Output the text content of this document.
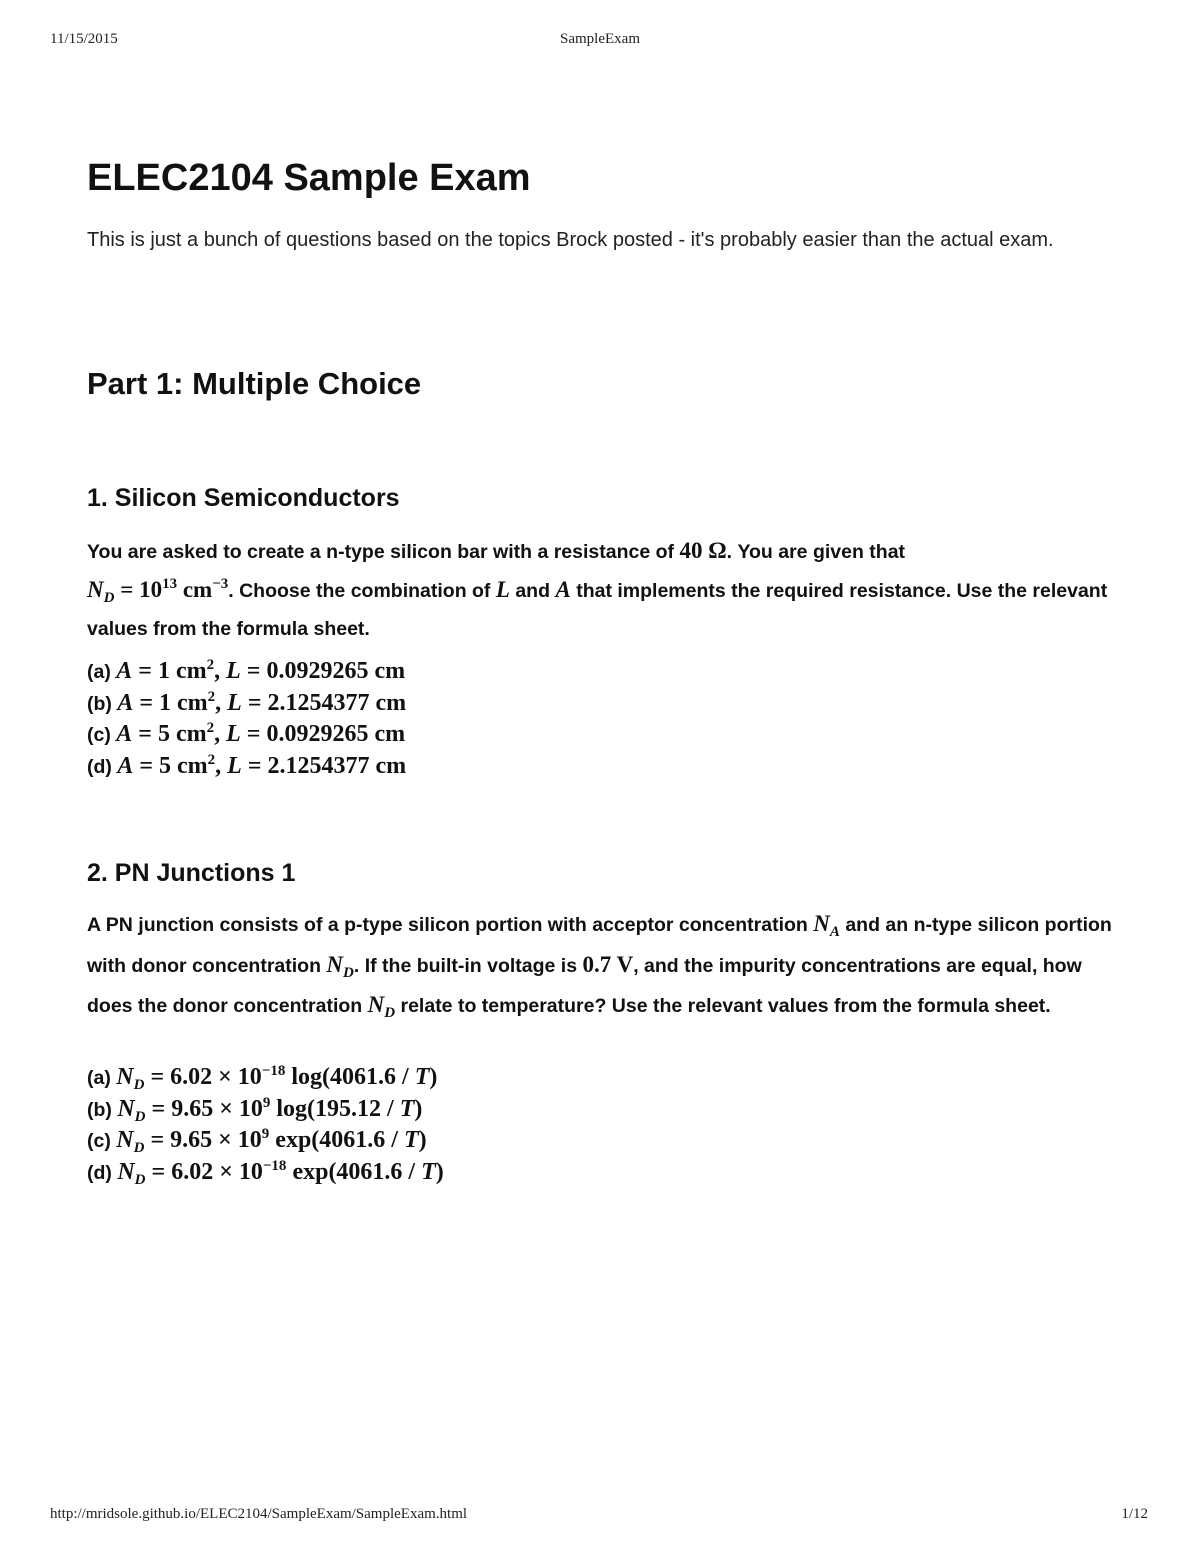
11/15/2015	SampleExam
ELEC2104 Sample Exam

This is just a bunch of questions based on the topics Brock posted - it's probably easier than the actual exam.

Part 1: Multiple Choice
1. Silicon Semiconductors

You are asked to create a n-type silicon bar with a resistance of 40 Ω. You are given that
$N_D = 10^{13}$ $cm^{-3}$. Choose the combination of L and A that implements the required resistance. Use the relevant values from the formula sheet.

(a) A = 1 $cm^2$, L = 0.0929265 cm
(b) A = 1 $cm^2$, L = 2.1254377 cm
(c) A = 5 $cm^2$, L = 0.0929265 cm
(d) A = 5 $cm^2$, L = 2.1254377 cm
2. PN Junctions 1

A PN junction consists of a p-type silicon portion with acceptor concentration $N_A$ and an n-type silicon portion with donor concentration $N_D$. If the built-in voltage is 0.7 V, and the impurity concentrations are equal, how does the donor concentration $N_D$ relate to temperature? Use the relevant values from the formula sheet.

(a) $N_D = 6.02 \times 10^{-18}$ log(4061.6 / T)
(b) $N_D = 9.65 \times 10^9$ log(195.12 / T)
(c) $N_D = 9.65 \times 10^9$ exp(4061.6 / T)
(d) $N_D = 6.02 \times 10^{-18}$ exp(4061.6 / T)
http://mridsole.github.io/ELEC2104/SampleExam/SampleExam.html	1/12
